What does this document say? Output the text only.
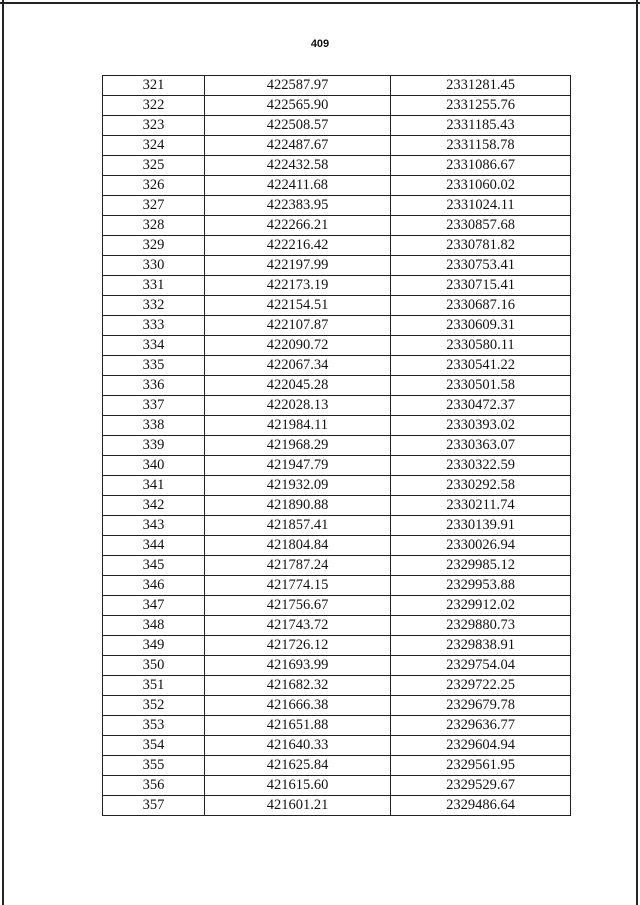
409
321	422587.97	2331281.45
322	422565.90	2331255.76
323	422508.57	2331185.43
324	422487.67	2331158.78
325	422432.58	2331086.67
326	422411.68	2331060.02
327	422383.95	2331024.11
328	422266.21	2330857.68
329	422216.42	2330781.82
330	422197.99	2330753.41
331	422173.19	2330715.41
332	422154.51	2330687.16
333	422107.87	2330609.31
334	422090.72	2330580.11
335	422067.34	2330541.22
336	422045.28	2330501.58
337	422028.13	2330472.37
338	421984.11	2330393.02
339	421968.29	2330363.07
340	421947.79	2330322.59
341	421932.09	2330292.58
342	421890.88	2330211.74
343	421857.41	2330139.91
344	421804.84	2330026.94
345	421787.24	2329985.12
346	421774.15	2329953.88
347	421756.67	2329912.02
348	421743.72	2329880.73
349	421726.12	2329838.91
350	421693.99	2329754.04
351	421682.32	2329722.25
352	421666.38	2329679.78
353	421651.88	2329636.77
354	421640.33	2329604.94
355	421625.84	2329561.95
356	421615.60	2329529.67
357	421601.21	2329486.64
